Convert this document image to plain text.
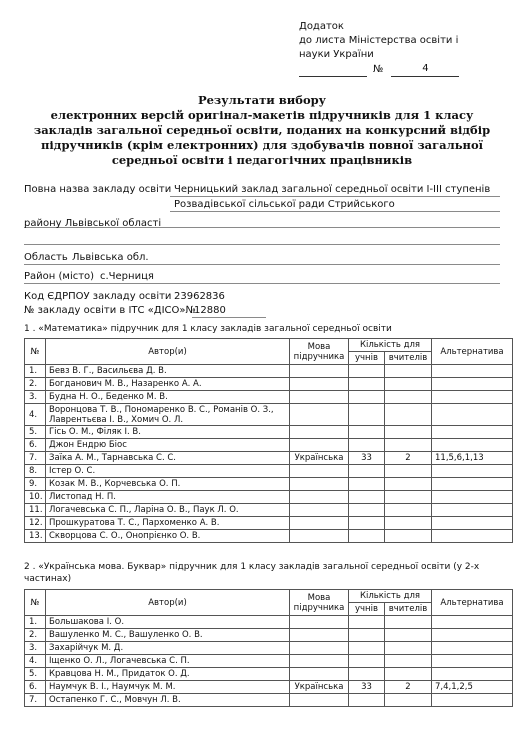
Додаток
до листа Міністерства освіти і
науки України
№	4
Результати вибору
електронних версій оригінал-макетів підручників для 1 класу
закладів загальної середньої освіти, поданих на конкурсний відбір
підручників (крім електронних) для здобувачів повної загальної
середньої освіти і педагогічних працівників
Повна назва закладу освіти Черницький заклад загальної середньої освіти І-ІІІ ступенів
Розвадівської сільської ради Стрийського
району Львівської області
Область Львівська обл.
Район (місто) с.Черниця
Код ЄДРПОУ закладу освіти 23962836
№ закладу освіти в ІТС «ДІСО»№
12880
1 . «Математика» підручник для 1 класу закладів загальної середньої освіти
№	Автор(и)	Мова підручника	Кількість для		Альтернатива
			учнів	вчителів	
1.	Бевз В. Г., Васильєва Д. В.				
2.	Богданович М. В., Назаренко А. А.				
3.	Будна Н. О., Беденко М. В.				
4.	Воронцова Т. В., Пономаренко В. С., Романів О. З., Лаврентьєва І. В., Хомич О. Л.				
5.	Гісь О. М., Філяк І. В.				
6.	Джон Ендрю Біос				
7.	Заїка А. М., Тарнавська С. С.	Українська	33	2	11,5,6,1,13
8.	Істер О. С.				
9.	Козак М. В., Корчевська О. П.				
10.	Листопад Н. П.				
11.	Логачевська С. П., Ларіна О. В., Паук Л. О.				
12.	Прошкуратова Т. С., Пархоменко А. В.				
13.	Скворцова С. О., Онопрієнко О. В.				
2 . «Українська мова. Буквар» підручник для 1 класу закладів загальної середньої освіти (у 2-х
частинах)
№	Автор(и)	Мова підручника	Кількість для		Альтернатива
			учнів	вчителів	
1.	Большакова І. О.				
2.	Вашуленко М. С., Вашуленко О. В.				
3.	Захарійчук М. Д.				
4.	Іщенко О. Л., Логачевська С. П.				
5.	Кравцова Н. М., Придаток О. Д.				
6.	Наумчук В. І., Наумчук М. М.	Українська	33	2	7,4,1,2,5
7.	Остапенко Г. С., Мовчун Л. В.				
